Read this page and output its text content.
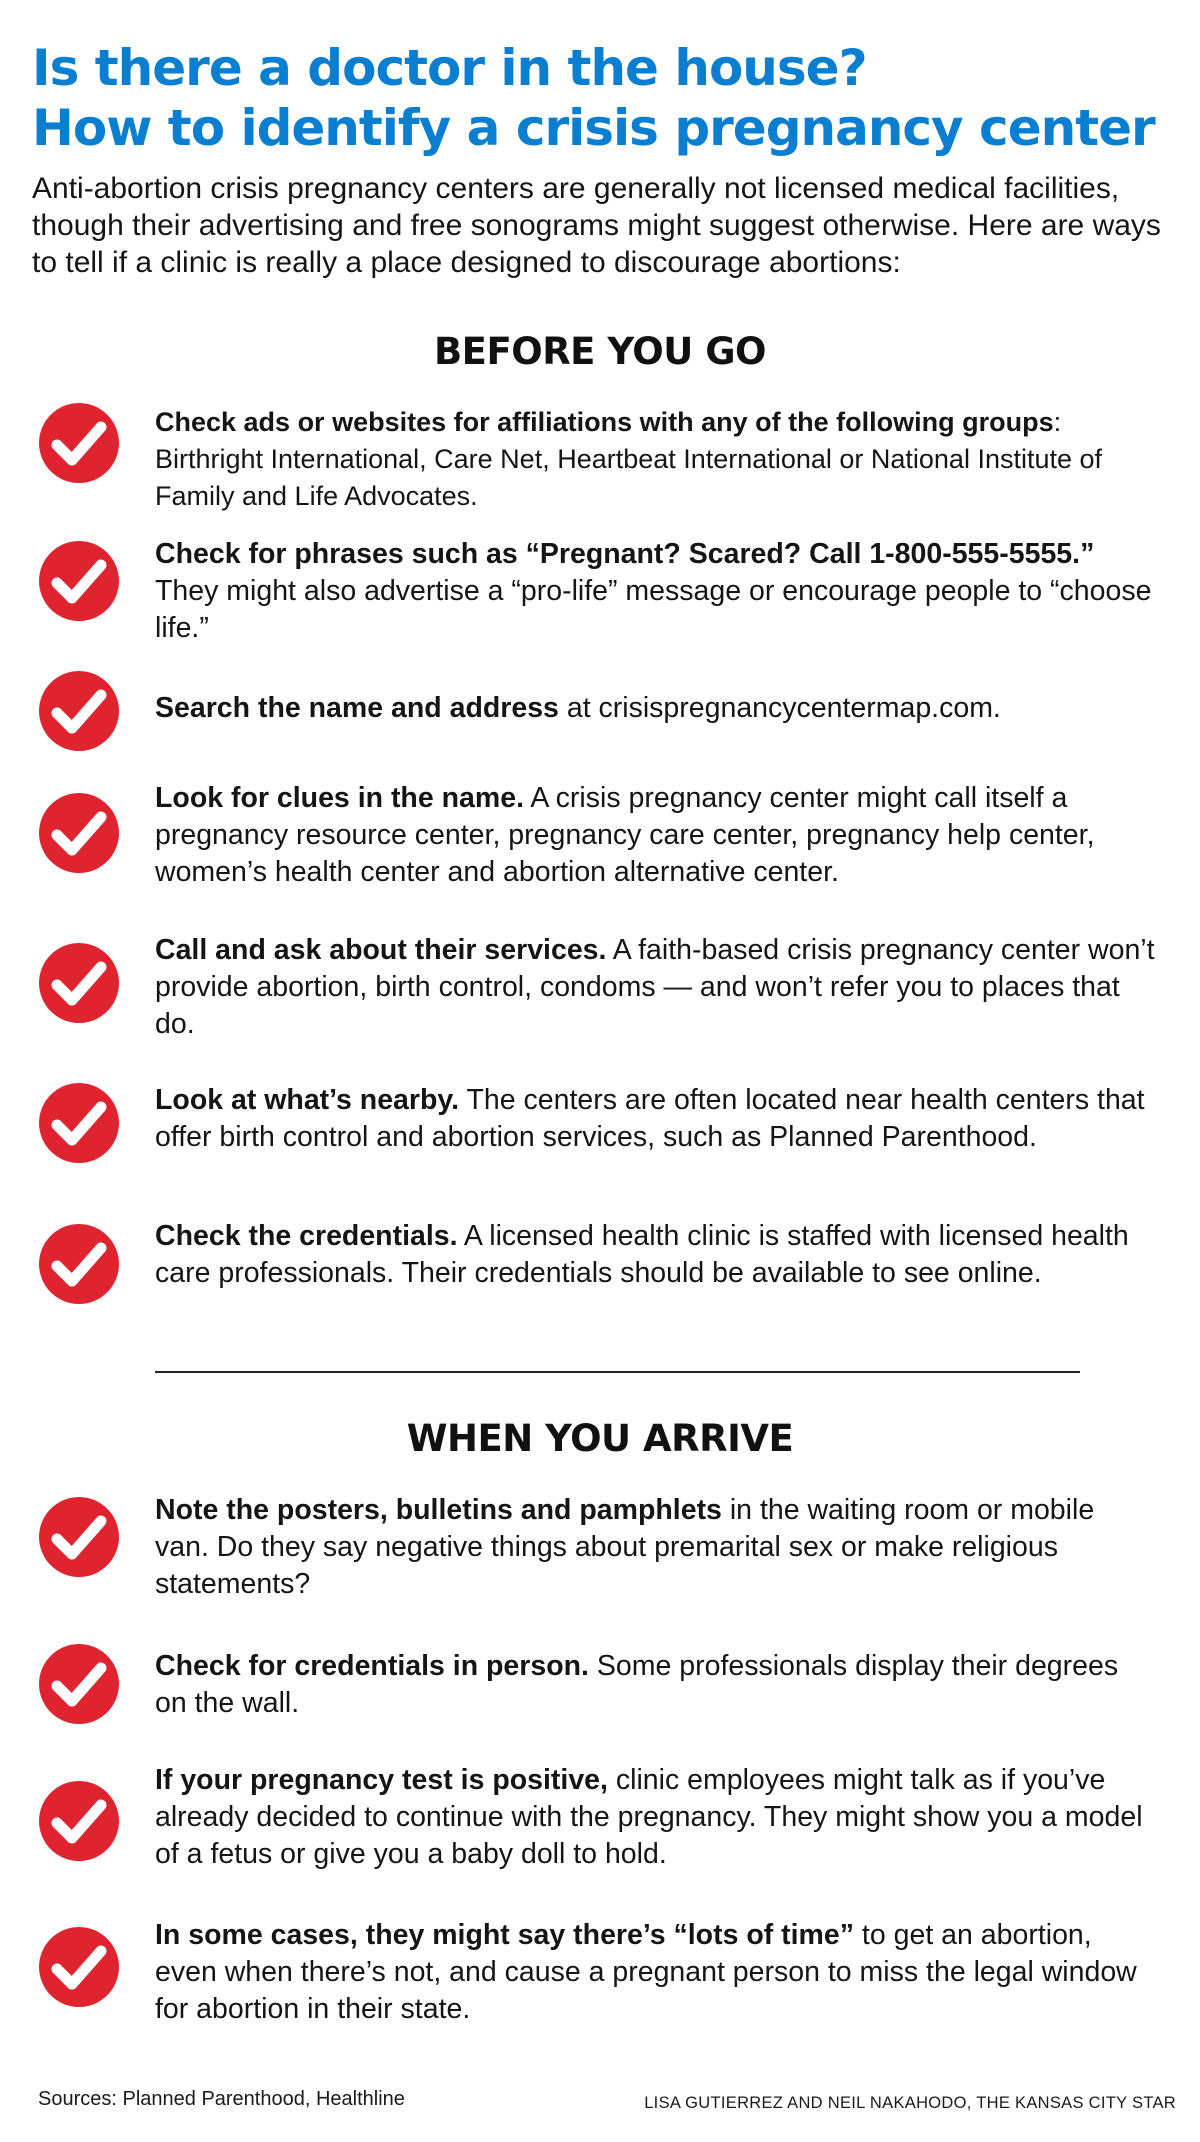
Is there a doctor in the house?
How to identify a crisis pregnancy center

Anti-abortion crisis pregnancy centers are generally not licensed medical facilities, though their advertising and free sonograms might suggest otherwise. Here are ways to tell if a clinic is really a place designed to discourage abortions:

BEFORE YOU GO

Check ads or websites for affiliations with any of the following groups: Birthright International, Care Net, Heartbeat International or National Institute of Family and Life Advocates.

Check for phrases such as “Pregnant? Scared? Call 1-800-555-5555.” They might also advertise a “pro-life” message or encourage people to “choose life.”

Search the name and address at crisispregnancycentermap.com.

Look for clues in the name. A crisis pregnancy center might call itself a pregnancy resource center, pregnancy care center, pregnancy help center, women’s health center and abortion alternative center.

Call and ask about their services. A faith-based crisis pregnancy center won’t provide abortion, birth control, condoms — and won’t refer you to places that do.

Look at what’s nearby. The centers are often located near health centers that offer birth control and abortion services, such as Planned Parenthood.

Check the credentials. A licensed health clinic is staffed with licensed health care professionals. Their credentials should be available to see online.

WHEN YOU ARRIVE

Note the posters, bulletins and pamphlets in the waiting room or mobile van. Do they say negative things about premarital sex or make religious statements?

Check for credentials in person. Some professionals display their degrees on the wall.

If your pregnancy test is positive, clinic employees might talk as if you’ve already decided to continue with the pregnancy. They might show you a model of a fetus or give you a baby doll to hold.

In some cases, they might say there’s “lots of time” to get an abortion, even when there’s not, and cause a pregnant person to miss the legal window for abortion in their state.

Sources: Planned Parenthood, Healthline	LISA GUTIERREZ AND NEIL NAKAHODO, THE KANSAS CITY STAR
